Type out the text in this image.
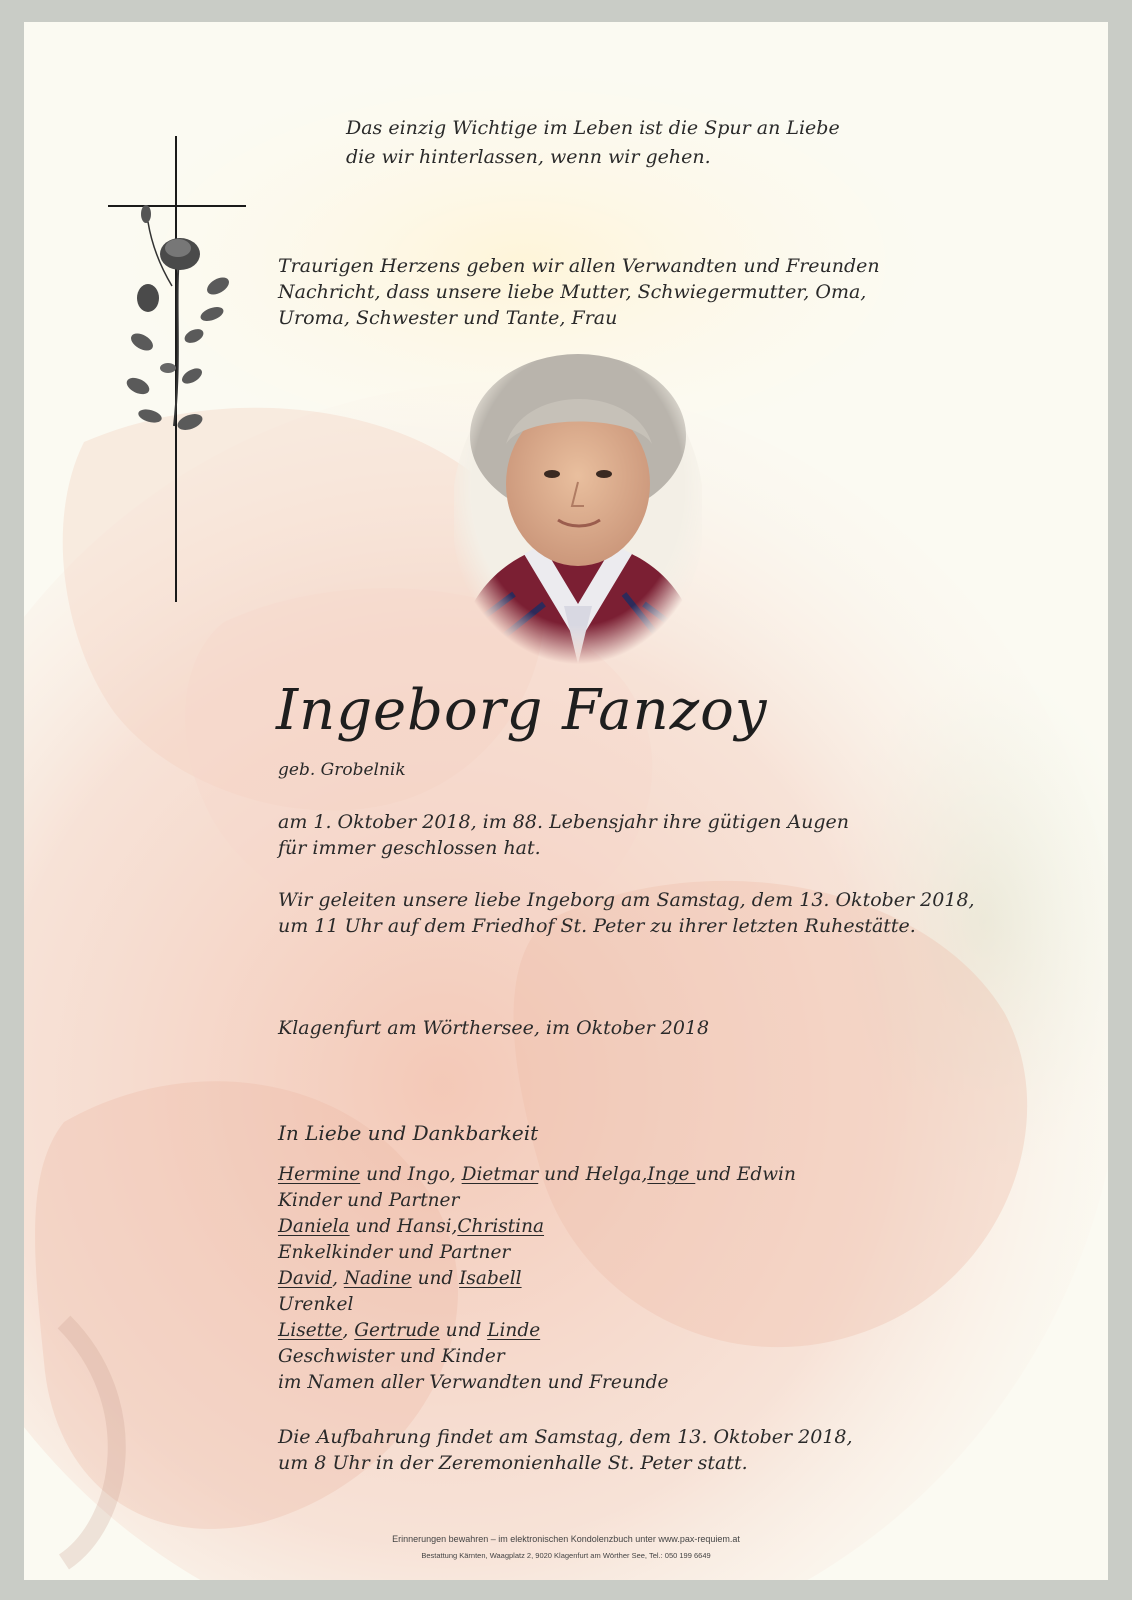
Das einzig Wichtige im Leben ist die Spur an Liebe
die wir hinterlassen, wenn wir gehen.
Traurigen Herzens geben wir allen Verwandten und Freunden
Nachricht, dass unsere liebe Mutter, Schwiegermutter, Oma,
Uroma, Schwester und Tante, Frau
Ingeborg Fanzoy
geb. Grobelnik
am 1. Oktober 2018, im 88. Lebensjahr ihre gütigen Augen
für immer geschlossen hat.
Wir geleiten unsere liebe Ingeborg am Samstag, dem 13. Oktober 2018,
um 11 Uhr auf dem Friedhof St. Peter zu ihrer letzten Ruhestätte.
Klagenfurt am Wörthersee, im Oktober 2018
In Liebe und Dankbarkeit
Hermine und Ingo, Dietmar und Helga,Inge und Edwin
Kinder und Partner
Daniela und Hansi,Christina
Enkelkinder und Partner
David, Nadine und Isabell
Urenkel
Lisette, Gertrude und Linde
Geschwister und Kinder
im Namen aller Verwandten und Freunde
Die Aufbahrung findet am Samstag, dem 13. Oktober 2018,
um 8 Uhr in der Zeremonienhalle St. Peter statt.
Erinnerungen bewahren – im elektronischen Kondolenzbuch unter www.pax-requiem.at
Bestattung Kärnten, Waagplatz 2, 9020 Klagenfurt am Wörther See, Tel.: 050 199 6649
